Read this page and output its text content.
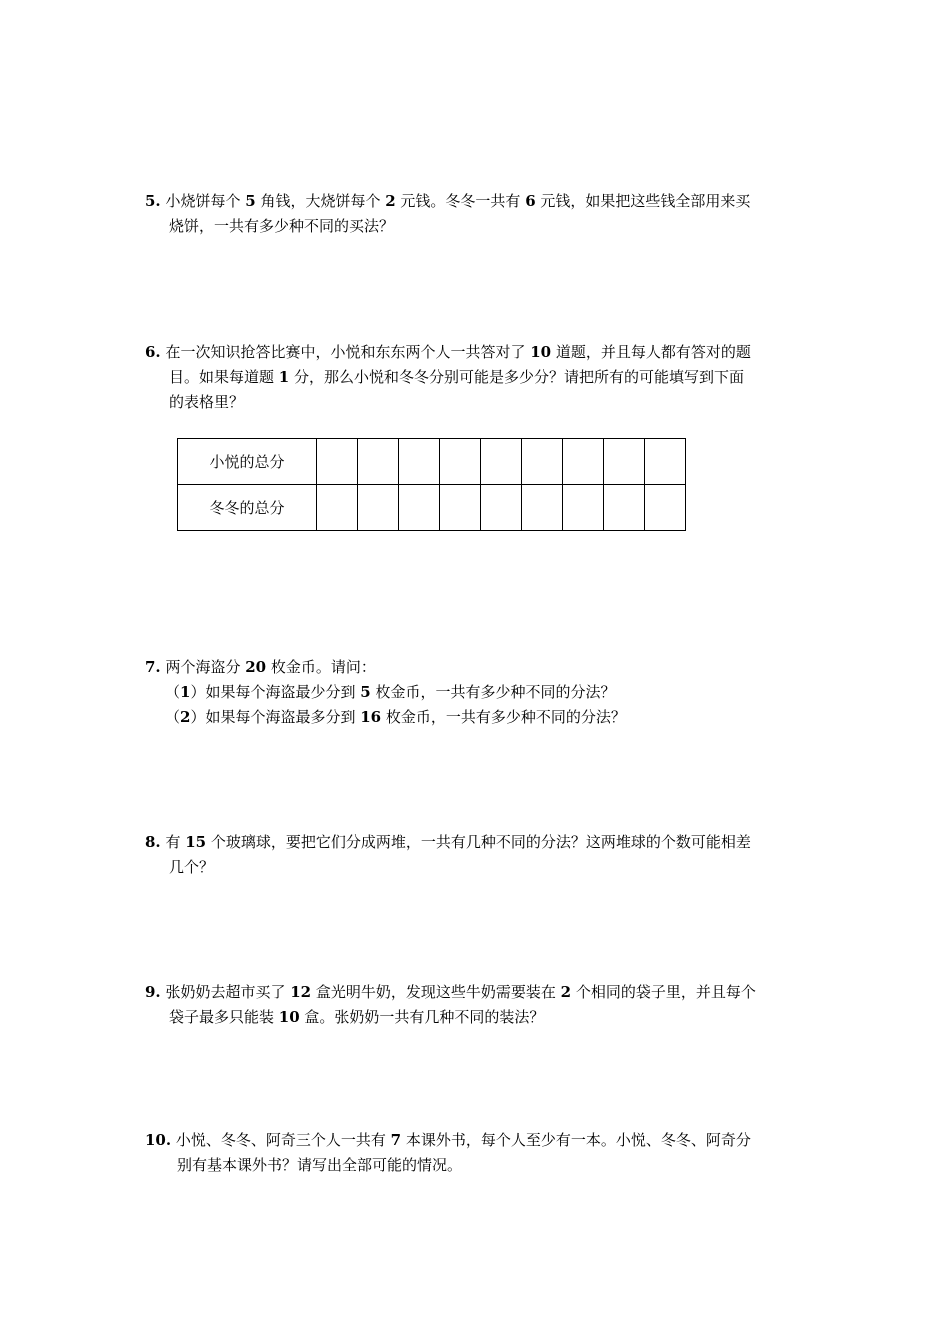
5. 小烧饼每个 5 角钱，大烧饼每个 2 元钱。冬冬一共有 6 元钱，如果把这些钱全部用来买
烧饼，一共有多少种不同的买法？
6. 在一次知识抢答比赛中，小悦和东东两个人一共答对了 10 道题，并且每人都有答对的题
目。如果每道题 1 分，那么小悦和冬冬分别可能是多少分？请把所有的可能填写到下面
的表格里？
小悦的总分									
冬冬的总分									
7. 两个海盗分 20 枚金币。请问：
（1）如果每个海盗最少分到 5 枚金币，一共有多少种不同的分法？
（2）如果每个海盗最多分到 16 枚金币，一共有多少种不同的分法？
8. 有 15 个玻璃球，要把它们分成两堆，一共有几种不同的分法？这两堆球的个数可能相差
几个？
9. 张奶奶去超市买了 12 盒光明牛奶，发现这些牛奶需要装在 2 个相同的袋子里，并且每个
袋子最多只能装 10 盒。张奶奶一共有几种不同的装法？
10. 小悦、冬冬、阿奇三个人一共有 7 本课外书，每个人至少有一本。小悦、冬冬、阿奇分
别有基本课外书？请写出全部可能的情况。
